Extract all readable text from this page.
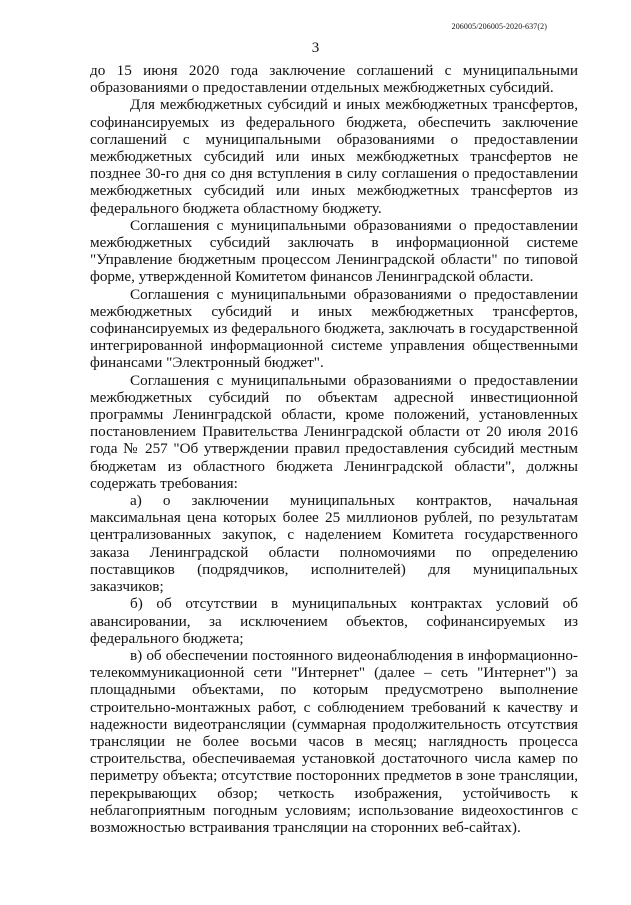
206005/206005-2020-637(2)
3

до 15 июня 2020 года заключение соглашений с муниципальными образованиями о предоставлении отдельных межбюджетных субсидий.

Для межбюджетных субсидий и иных межбюджетных трансфертов, софинансируемых из федерального бюджета, обеспечить заключение соглашений с муниципальными образованиями о предоставлении межбюджетных субсидий или иных межбюджетных трансфертов не позднее 30-го дня со дня вступления в силу соглашения о предоставлении межбюджетных субсидий или иных межбюджетных трансфертов из федерального бюджета областному бюджету.

Соглашения с муниципальными образованиями о предоставлении межбюджетных субсидий заключать в информационной системе "Управление бюджетным процессом Ленинградской области" по типовой форме, утвержденной Комитетом финансов Ленинградской области.

Соглашения с муниципальными образованиями о предоставлении межбюджетных субсидий и иных межбюджетных трансфертов, софинансируемых из федерального бюджета, заключать в государственной интегрированной информационной системе управления общественными финансами "Электронный бюджет".

Соглашения с муниципальными образованиями о предоставлении межбюджетных субсидий по объектам адресной инвестиционной программы Ленинградской области, кроме положений, установленных постановлением Правительства Ленинградской области от 20 июля 2016 года № 257 "Об утверждении правил предоставления субсидий местным бюджетам из областного бюджета Ленинградской области", должны содержать требования:

а) о заключении муниципальных контрактов, начальная максимальная цена которых более 25 миллионов рублей, по результатам централизованных закупок, с наделением Комитета государственного заказа Ленинградской области полномочиями по определению поставщиков (подрядчиков, исполнителей) для муниципальных заказчиков;

б) об отсутствии в муниципальных контрактах условий об авансировании, за исключением объектов, софинансируемых из федерального бюджета;

в) об обеспечении постоянного видеонаблюдения в информационно-телекоммуникационной сети "Интернет" (далее – сеть "Интернет") за площадными объектами, по которым предусмотрено выполнение строительно-монтажных работ, с соблюдением требований к качеству и надежности видеотрансляции (суммарная продолжительность отсутствия трансляции не более восьми часов в месяц; наглядность процесса строительства, обеспечиваемая установкой достаточного числа камер по периметру объекта; отсутствие посторонних предметов в зоне трансляции, перекрывающих обзор; четкость изображения, устойчивость к неблагоприятным погодным условиям; использование видеохостингов с возможностью встраивания трансляции на сторонних веб-сайтах).
